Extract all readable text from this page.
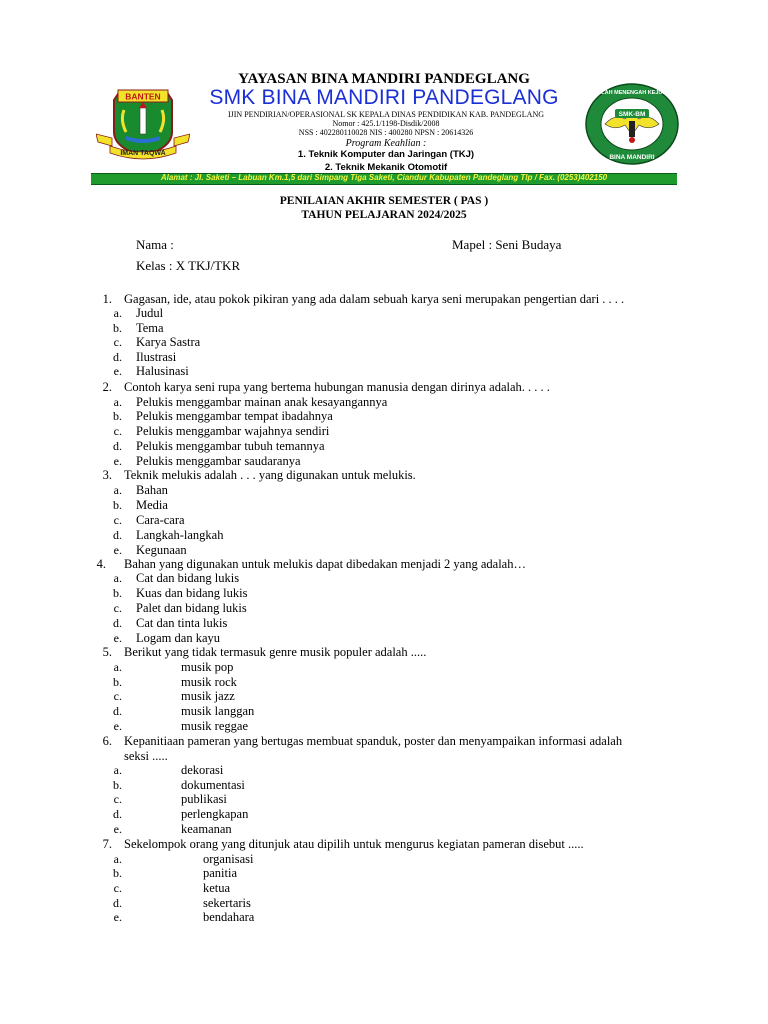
YAYASAN BINA MANDIRI PANDEGLANG
SMK BINA MANDIRI PANDEGLANG
IJIN PENDIRIAN/OPERASIONAL SK KEPALA DINAS PENDIDIKAN KAB. PANDEGLANG
Nomor : 425.1/1198-Disdik/2008
NSS : 402280110028 NIS : 400280 NPSN : 20614326
Program Keahlian :
1. Teknik Komputer dan Jaringan (TKJ)
2. Teknik Mekanik Otomotif
Alamat : Jl. Saketi – Labuan Km.1,5 dari Simpang Tiga Saketi, Ciandur Kabupaten Pandeglang Tlp / Fax. (0253)402150
BANTEN
IMAN TAQWA
SMK-BM
BINA MANDIRI
SEKOLAH MENENGAH KEJURUAN
PENILAIAN AKHIR SEMESTER ( PAS )
TAHUN PELAJARAN 2024/2025
Nama :	Mapel : Seni Budaya
Kelas : X TKJ/TKR
1. Gagasan, ide, atau pokok pikiran yang ada dalam sebuah karya seni merupakan pengertian dari . . . .
a. Judul
b. Tema
c. Karya Sastra
d. Ilustrasi
e. Halusinasi
2. Contoh karya seni rupa yang bertema hubungan manusia dengan dirinya adalah. . . . .
a. Pelukis menggambar mainan anak kesayangannya
b. Pelukis menggambar tempat ibadahnya
c. Pelukis menggambar wajahnya sendiri
d. Pelukis menggambar tubuh temannya
e. Pelukis menggambar saudaranya
3. Teknik melukis adalah . . . yang digunakan untuk melukis.
a. Bahan
b. Media
c. Cara-cara
d. Langkah-langkah
e. Kegunaan
4. Bahan yang digunakan untuk melukis dapat dibedakan menjadi 2 yang adalah…
a. Cat dan bidang lukis
b. Kuas dan bidang lukis
c. Palet dan bidang lukis
d. Cat dan tinta lukis
e. Logam dan kayu
5. Berikut yang tidak termasuk genre musik populer adalah .....
a.	musik pop
b.	musik rock
c.	musik jazz
d.	musik langgan
e.	musik reggae
6. Kepanitiaan pameran yang bertugas membuat spanduk, poster dan menyampaikan informasi adalah
seksi .....
a.	dekorasi
b.	dokumentasi
c.	publikasi
d.	perlengkapan
e.	keamanan
7. Sekelompok orang yang ditunjuk atau dipilih untuk mengurus kegiatan pameran disebut .....
a.	organisasi
b.	panitia
c.	ketua
d.	sekertaris
e.	bendahara
